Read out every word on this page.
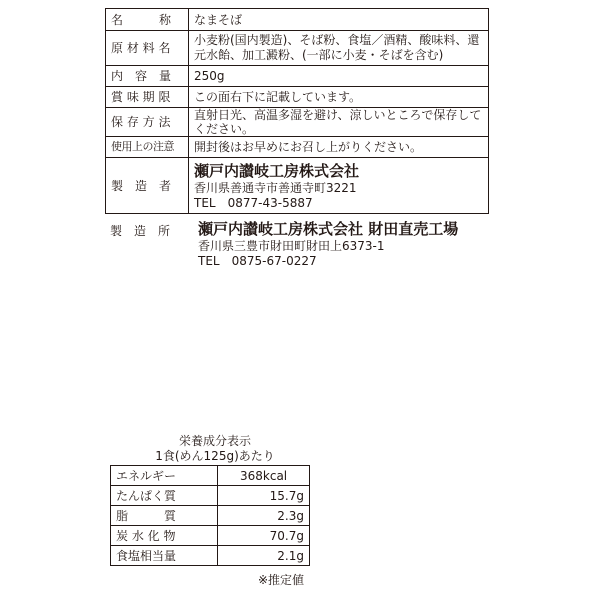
名　　　称	なまそば
原 材 料 名	小麦粉(国内製造)、そば粉、食塩／酒精、酸味料、還元水飴、加工澱粉、(一部に小麦・そばを含む)
内　容　量	250g
賞 味 期 限	この面右下に記載しています。
保 存 方 法	直射日光、高温多湿を避け、涼しいところで保存してください。
使用上の注意	開封後はお早めにお召し上がりください。
製　造　者	瀬戸内讃岐工房株式会社
香川県善通寺市善通寺町3221
TEL　0877-43-5887
製　造　所	瀬戸内讃岐工房株式会社 財田直売工場
香川県三豊市財田町財田上6373-1
TEL　0875-67-0227
栄養成分表示
1食(めん125g)あたり
エネルギー	368kcal
たんぱく質	15.7g
脂　　　質	2.3g
炭 水 化 物	70.7g
食塩相当量	2.1g
※推定値
